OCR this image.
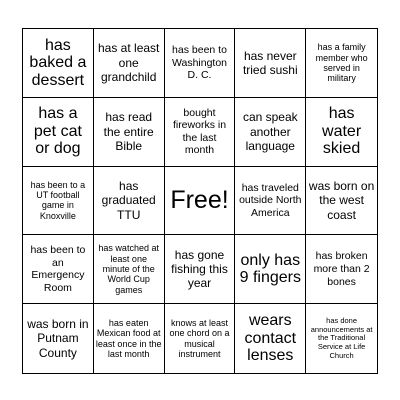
has baked a dessert
has at least one grandchild
has been to Washington D. C.
has never tried sushi
has a family member who served in military
has a pet cat or dog
has read the entire Bible
bought fireworks in the last month
can speak another language
has water skied
has been to a UT football game in Knoxville
has graduated TTU
Free!	has traveled outside North America
was born on the west coast
has been to an Emergency Room
has watched at least one minute of the World Cup games
has gone fishing this year
only has 9 fingers
has broken more than 2 bones
was born in Putnam County
has eaten Mexican food at least once in the last month
knows at least one chord on a musical instrument
wears contact lenses
has done announcements at the Traditional Service at Life Church
